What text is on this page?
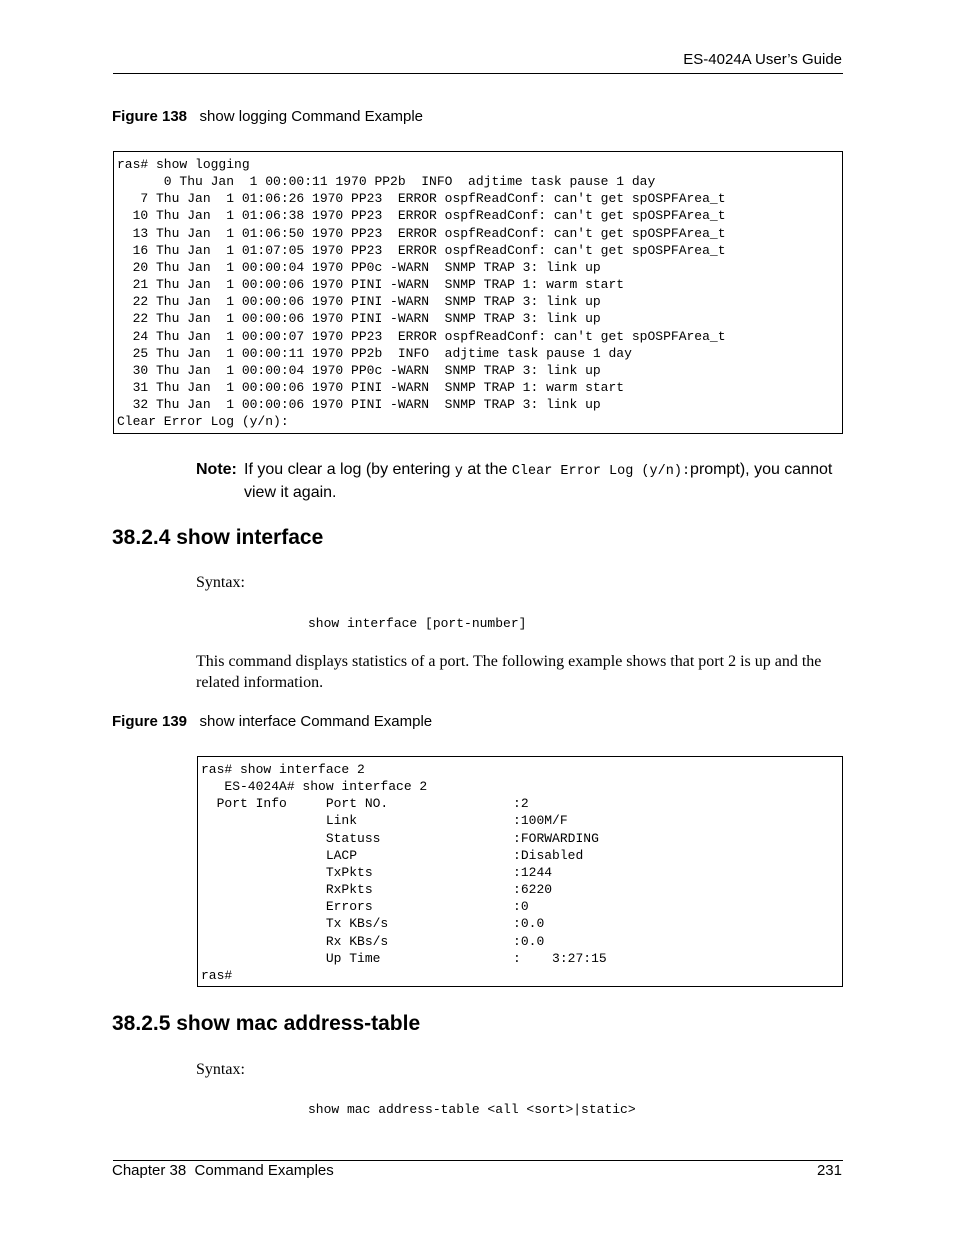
ES-4024A User’s Guide
Figure 138 show logging Command Example
ras# show logging
0 Thu Jan  1 00:00:11 1970 PP2b  INFO  adjtime task pause 1 day
7 Thu Jan  1 01:06:26 1970 PP23  ERROR ospfReadConf: can't get spOSPFArea_t
10 Thu Jan  1 01:06:38 1970 PP23  ERROR ospfReadConf: can't get spOSPFArea_t
13 Thu Jan  1 01:06:50 1970 PP23  ERROR ospfReadConf: can't get spOSPFArea_t
16 Thu Jan  1 01:07:05 1970 PP23  ERROR ospfReadConf: can't get spOSPFArea_t
20 Thu Jan  1 00:00:04 1970 PP0c -WARN  SNMP TRAP 3: link up
21 Thu Jan  1 00:00:06 1970 PINI -WARN  SNMP TRAP 1: warm start
22 Thu Jan  1 00:00:06 1970 PINI -WARN  SNMP TRAP 3: link up
22 Thu Jan  1 00:00:06 1970 PINI -WARN  SNMP TRAP 3: link up
24 Thu Jan  1 00:00:07 1970 PP23  ERROR ospfReadConf: can't get spOSPFArea_t
25 Thu Jan  1 00:00:11 1970 PP2b  INFO  adjtime task pause 1 day
30 Thu Jan  1 00:00:04 1970 PP0c -WARN  SNMP TRAP 3: link up
31 Thu Jan  1 00:00:06 1970 PINI -WARN  SNMP TRAP 1: warm start
32 Thu Jan  1 00:00:06 1970 PINI -WARN  SNMP TRAP 3: link up
Clear Error Log (y/n):
Note: If you clear a log (by entering y at the Clear Error Log (y/n):prompt), you cannot view it again.
38.2.4 show interface
Syntax:
show interface [port-number]
This command displays statistics of a port. The following example shows that port 2 is up and the related information.
Figure 139 show interface Command Example
ras# show interface 2
ES-4024A# show interface 2
Port Info     Port NO.                :2
Link                    :100M/F
Statuss                 :FORWARDING
LACP                    :Disabled
TxPkts                  :1244
RxPkts                  :6220
Errors                  :0
Tx KBs/s                :0.0
Rx KBs/s                :0.0
Up Time                 :    3:27:15
ras#
38.2.5 show mac address-table
Syntax:
show mac address-table <all <sort>|static>
Chapter 38  Command Examples	231
